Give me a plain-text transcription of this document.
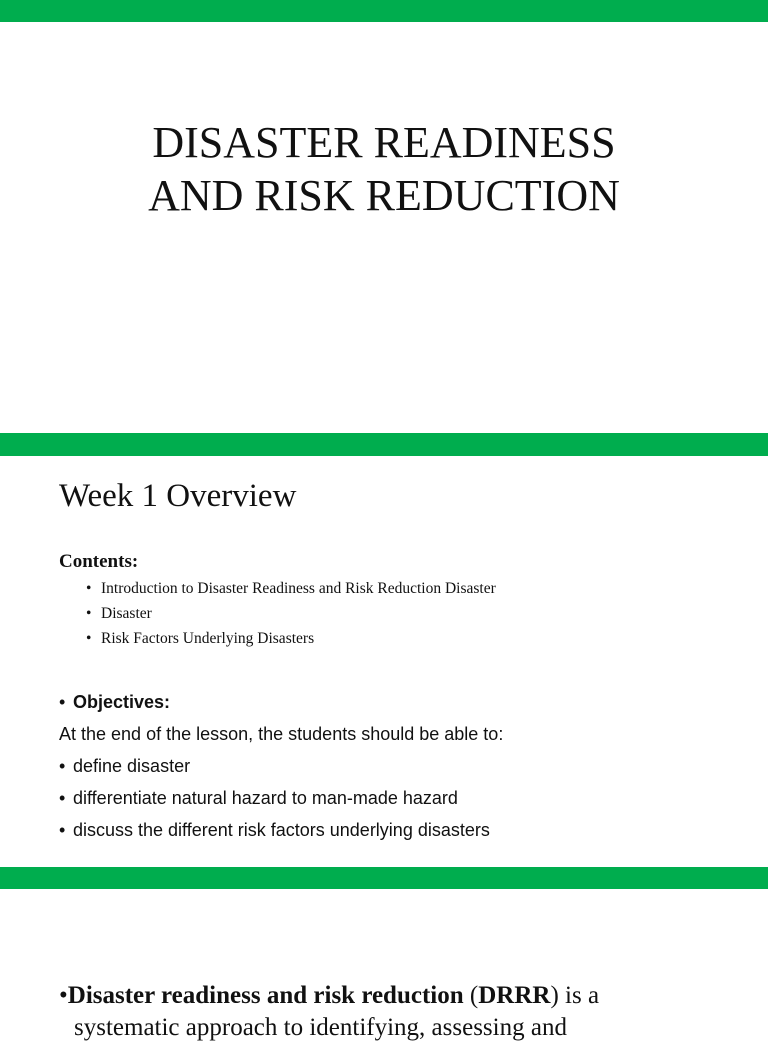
DISASTER READINESS
AND RISK REDUCTION
Week 1 Overview
Contents:
• Introduction to Disaster Readiness and Risk Reduction Disaster
• Disaster
• Risk Factors Underlying Disasters
• Objectives:
At the end of the lesson, the students should be able to:
• define disaster
• differentiate natural hazard to man-made hazard
• discuss the different risk factors underlying disasters
•Disaster readiness and risk reduction (DRRR) is a
systematic approach to identifying, assessing and
